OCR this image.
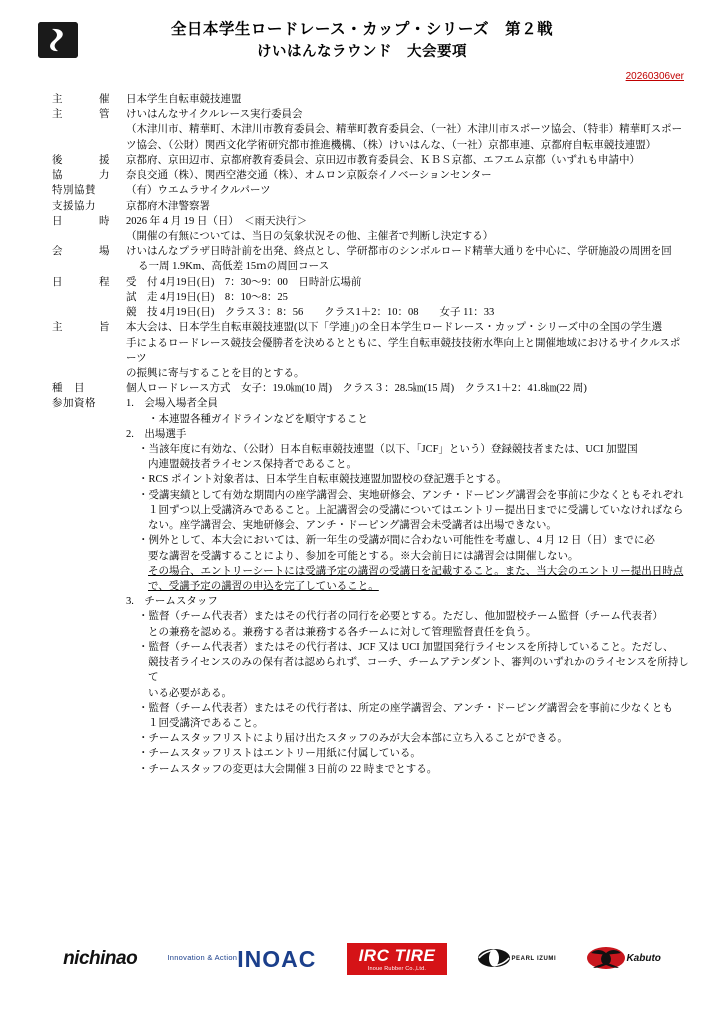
全日本学生ロードレース・カップ・シリーズ　第２戦
けいはんなラウンド　大会要項
20260306ver
主	催 日本学生自転車競技連盟
主	管 けいはんなサイクルレース実行委員会
（木津川市、精華町、木津川市教育委員会、精華町教育委員会、（一社）木津川市スポーツ協会、（特非）精華町スポーツ協会、（公財）関西文化学術研究都市推進機構、（株）けいはんな、（一社）京都車連、京都府自転車競技連盟）
後	援 京都府、京田辺市、京都府教育委員会、京田辺市教育委員会、ＫＢＳ京都、エフエム京都（いずれも申請中）
協	力 奈良交通（株）、関西空港交通（株）、オムロン京阪奈イノベーションセンター
特別協賛	（有）ウエムラサイクルパーツ
支援協力	京都府木津警察署
日	時 2026 年 4 月 19 日（日）　＜雨天決行＞
（開催の有無については、当日の気象状況その他、主催者で判断し決定する）
会	場 けいはんなプラザ日時計前を出発、終点とし、学研都市のシンボルロード精華大通りを中心に、学研施設の周囲を回
る一周 1.9Km、高低差 15ｍの周回コース
日	程 受　付 4月19日(日)　7：30～9：00　日時計広場前
試　走 4月19日(日)　8：10～8：25
競　技 4月19日(日)　クラス３：8：56　　クラス1＋2：10：08　　女子 11：33
主	旨 本大会は、日本学生自転車競技連盟(以下「学連」)の全日本学生ロードレース・カップ・シリーズ中の全国の学生選
手によるロードレース競技会優勝者を決めるとともに、学生自転車競技技術水準向上と開催地域におけるサイクルスポーツ
の振興に寄与することを目的とする。
種　目	個人ロードレース方式　女子：19.0㎞(10 周)　クラス３：28.5㎞(15 周)　クラス1＋2：41.8㎞(22 周)
参加資格	1.　会場入場者全員
・本連盟各種ガイドラインなどを順守すること
2.　出場選手
・当該年度に有効な、（公財）日本自転車競技連盟（以下、「JCF」という）登録競技者または、UCI 加盟国
内連盟競技者ライセンス保持者であること。
・RCS ポイント対象者は、日本学生自転車競技連盟加盟校の登記選手とする。
・受講実績として有効な期間内の座学講習会、実地研修会、アンチ・ドーピング講習会を事前に少なくともそれぞれ
１回ずつ以上受講済みであること。上記講習会の受講についてはエントリー提出日までに受講していなければなら
ない。座学講習会、実地研修会、アンチ・ドーピング講習会未受講者は出場できない。
・例外として、本大会においては、新一年生の受講が間に合わない可能性を考慮し、4 月 12 日（日）までに必
要な講習を受講することにより、参加を可能とする。※大会前日には講習会は開催しない。
その場合、エントリーシートには受講予定の講習の受講日を記載すること。また、当大会のエントリー提出日時点
で、受講予定の講習の申込を完了していること。
3.　チームスタッフ
・監督（チーム代表者）またはその代行者の同行を必要とする。ただし、他加盟校チーム監督（チーム代表者）
との兼務を認める。兼務する者は兼務する各チームに対して管理監督責任を負う。
・監督（チーム代表者）またはその代行者は、JCF 又は UCI 加盟国発行ライセンスを所持していること。ただし、
競技者ライセンスのみの保有者は認められず、コーチ、チームアテンダント、審判のいずれかのライセンスを所持して
いる必要がある。
・監督（チーム代表者）またはその代行者は、所定の座学講習会、アンチ・ドーピング講習会を事前に少なくとも
１回受講済であること。
・チームスタッフリストにより届け出たスタッフのみが大会本部に立ち入ることができる。
・チームスタッフリストはエントリー用紙に付属している。
・チームスタッフの変更は大会開催 3 日前の 22 時までとする。
nichinao	Innovation & Action INOAC IRC TIRE
Inoue Rubber Co.,Ltd.
PEARL IZUMI	Kabuto
